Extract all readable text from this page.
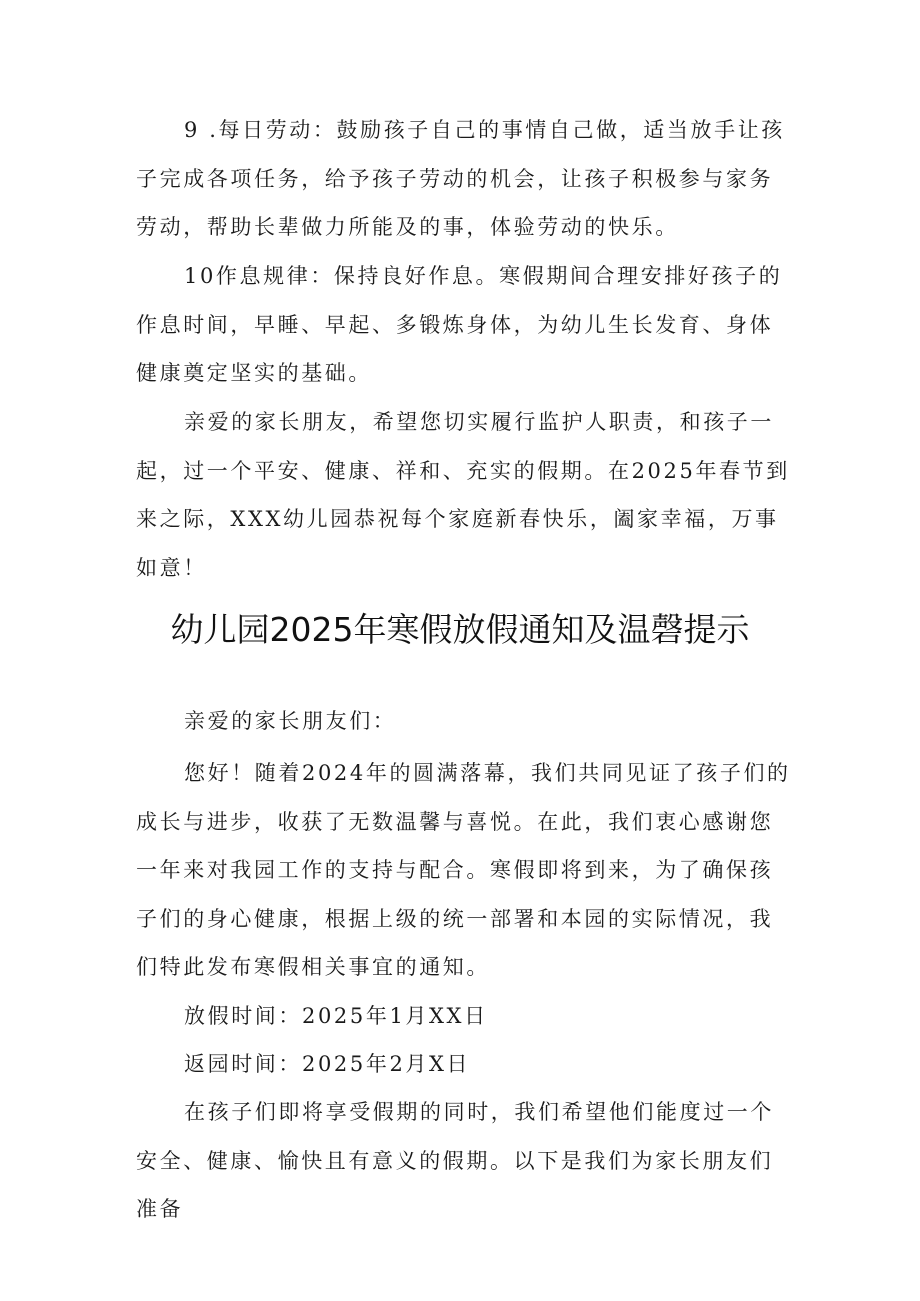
9 .每日劳动：鼓励孩子自己的事情自己做，适当放手让孩子完成各项任务，给予孩子劳动的机会，让孩子积极参与家务劳动，帮助长辈做力所能及的事，体验劳动的快乐。

10作息规律：保持良好作息。寒假期间合理安排好孩子的作息时间，早睡、早起、多锻炼身体，为幼儿生长发育、身体健康奠定坚实的基础。

亲爱的家长朋友，希望您切实履行监护人职责，和孩子一起，过一个平安、健康、祥和、充实的假期。在2025年春节到来之际，XXX幼儿园恭祝每个家庭新春快乐，阖家幸福，万事如意！

幼儿园2025年寒假放假通知及温磬提示

亲爱的家长朋友们：

您好！随着2024年的圆满落幕，我们共同见证了孩子们的成长与进步，收获了无数温馨与喜悦。在此，我们衷心感谢您一年来对我园工作的支持与配合。寒假即将到来，为了确保孩子们的身心健康，根据上级的统一部署和本园的实际情况，我们特此发布寒假相关事宜的通知。

放假时间：2025年1月XX日

返园时间：2025年2月X日

在孩子们即将享受假期的同时，我们希望他们能度过一个安全、健康、愉快且有意义的假期。以下是我们为家长朋友们准备
